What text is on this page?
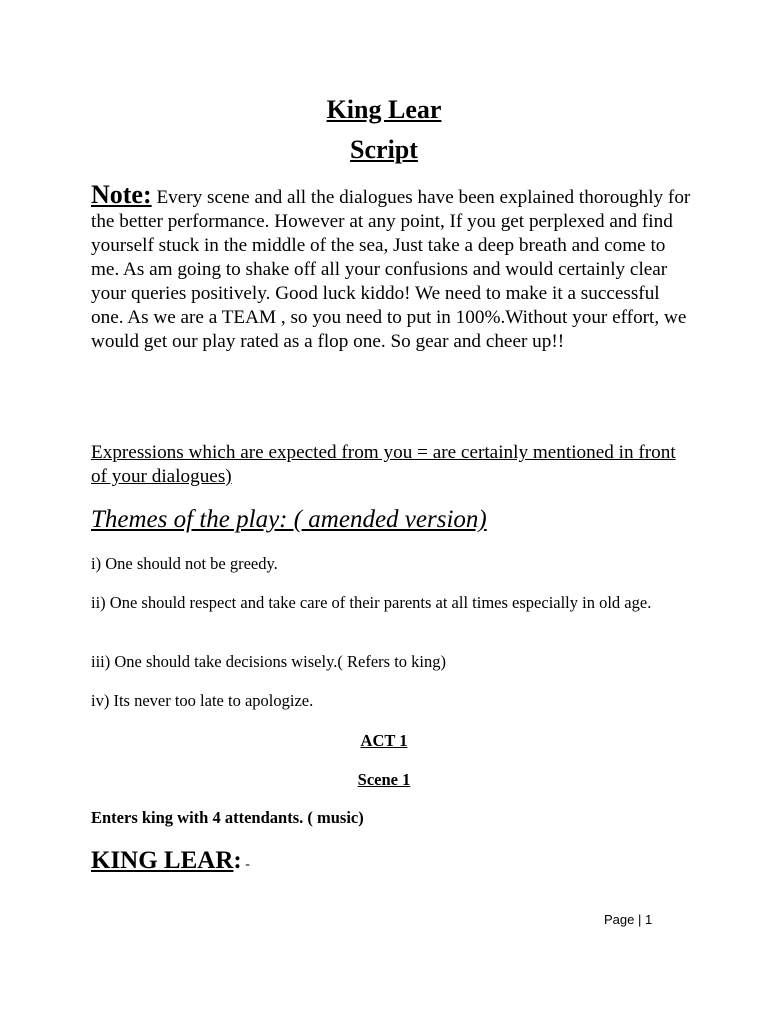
King Lear
Script
Note: Every scene and all the dialogues have been explained thoroughly for the better performance. However at any point, If you get perplexed and find yourself stuck in the middle of the sea, Just take a deep breath and come to me. As am going to shake off all your confusions and would certainly clear your queries positively. Good luck kiddo! We need to make it a successful one. As we are a TEAM , so you need to put in 100%.Without your effort, we would get our play rated as a flop one. So gear and cheer up!!
Expressions which are expected from you = are certainly mentioned in front of your dialogues)
Themes of the play: ( amended version)
i) One should not be greedy.
ii) One should respect and take care of their parents at all times especially in old age.
iii) One should take decisions wisely.( Refers to king)
iv) Its never too late to apologize.
ACT 1
Scene 1
Enters king with 4 attendants. ( music)
KING LEAR: -
Page | 1
